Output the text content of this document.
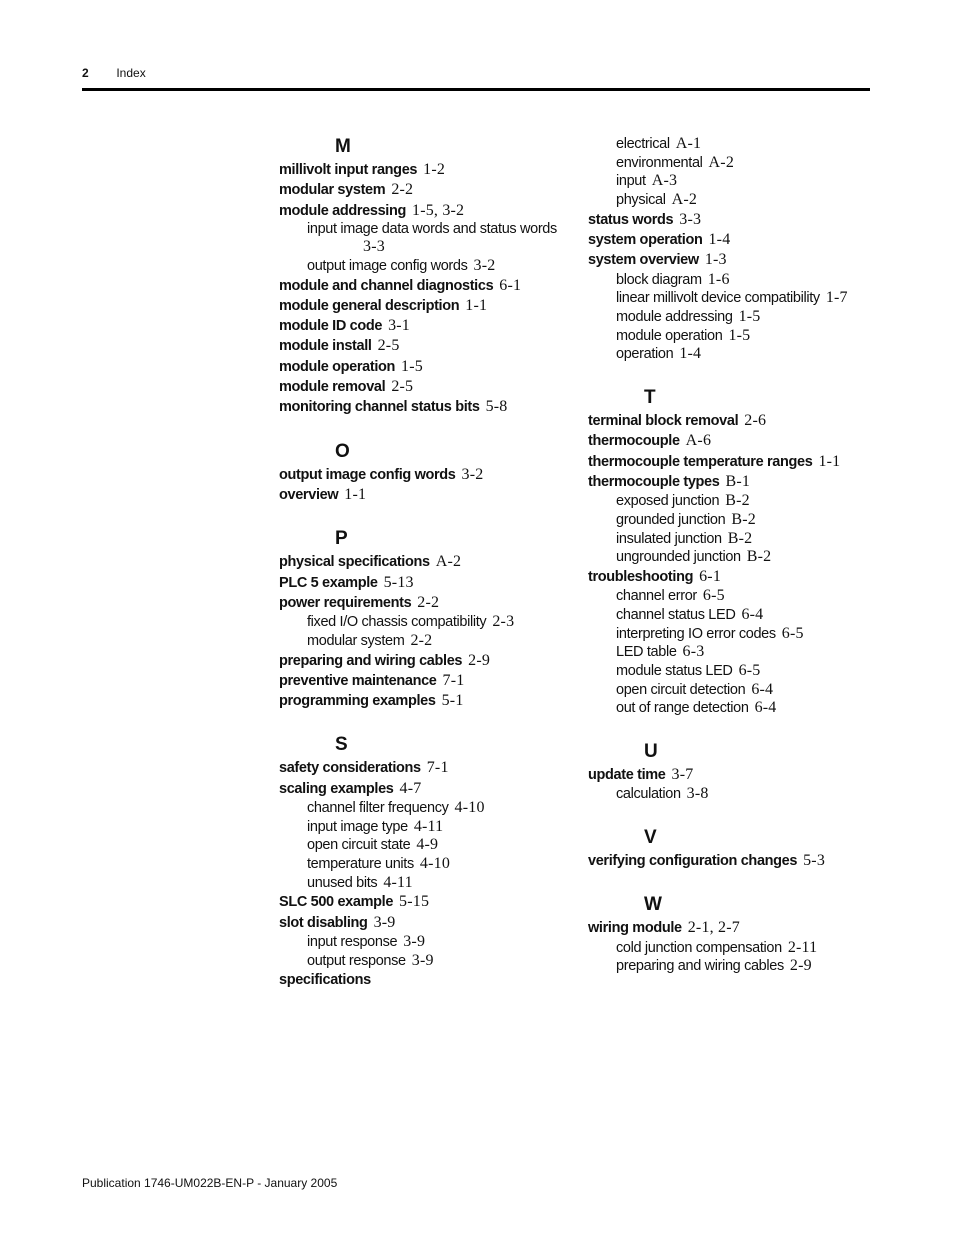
2 Index
M
millivolt input ranges 1-2
modular system 2-2
module addressing 1-5, 3-2
input image data words and status words
3-3
output image config words 3-2
module and channel diagnostics 6-1
module general description 1-1
module ID code 3-1
module install 2-5
module operation 1-5
module removal 2-5
monitoring channel status bits 5-8
O
output image config words 3-2
overview 1-1
P
physical specifications A-2
PLC 5 example 5-13
power requirements 2-2
fixed I/O chassis compatibility 2-3
modular system 2-2
preparing and wiring cables 2-9
preventive maintenance 7-1
programming examples 5-1
S
safety considerations 7-1
scaling examples 4-7
channel filter frequency 4-10
input image type 4-11
open circuit state 4-9
temperature units 4-10
unused bits 4-11
SLC 500 example 5-15
slot disabling 3-9
input response 3-9
output response 3-9
specifications
electrical A-1
environmental A-2
input A-3
physical A-2
status words 3-3
system operation 1-4
system overview 1-3
block diagram 1-6
linear millivolt device compatibility 1-7
module addressing 1-5
module operation 1-5
operation 1-4
T
terminal block removal 2-6
thermocouple A-6
thermocouple temperature ranges 1-1
thermocouple types B-1
exposed junction B-2
grounded junction B-2
insulated junction B-2
ungrounded junction B-2
troubleshooting 6-1
channel error 6-5
channel status LED 6-4
interpreting IO error codes 6-5
LED table 6-3
module status LED 6-5
open circuit detection 6-4
out of range detection 6-4
U
update time 3-7
calculation 3-8
V
verifying configuration changes 5-3
W
wiring module 2-1, 2-7
cold junction compensation 2-11
preparing and wiring cables 2-9
Publication 1746-UM022B-EN-P - January 2005
